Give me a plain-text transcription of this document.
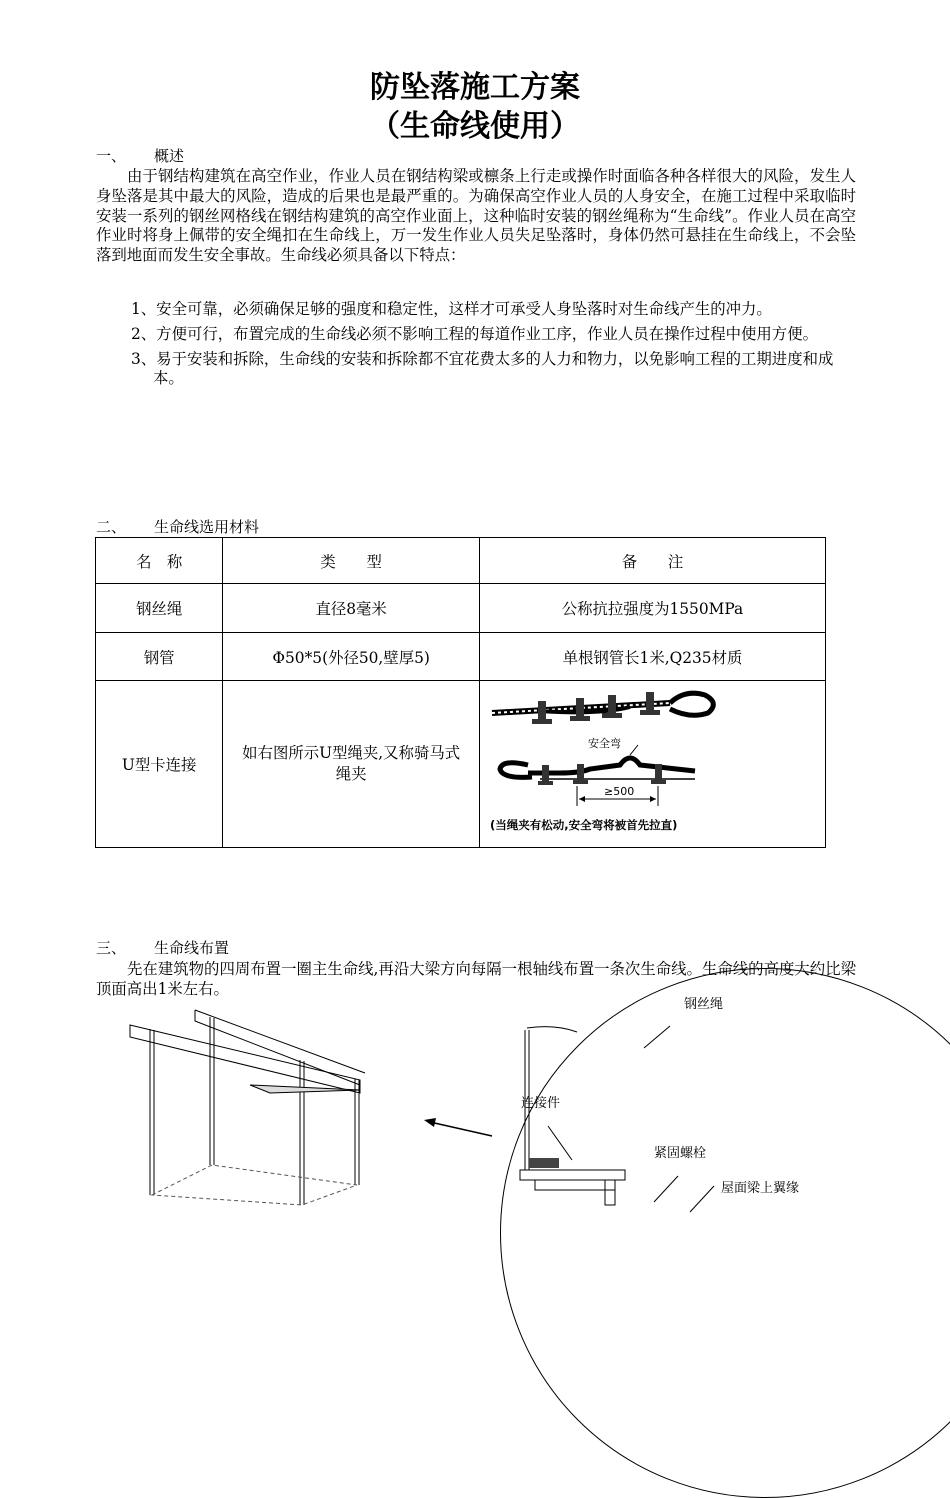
防坠落施工方案
（生命线使用）
一、 概述
由于钢结构建筑在高空作业，作业人员在钢结构梁或檩条上行走或操作时面临各种各样很大的风险，发生人身坠落是其中最大的风险，造成的后果也是最严重的。为确保高空作业人员的人身安全，在施工过程中采取临时安装一系列的钢丝网格线在钢结构建筑的高空作业面上，这种临时安装的钢丝绳称为“生命线”。作业人员在高空作业时将身上佩带的安全绳扣在生命线上，万一发生作业人员失足坠落时，身体仍然可悬挂在生命线上，不会坠落到地面而发生安全事故。生命线必须具备以下特点：
1、安全可靠，必须确保足够的强度和稳定性，这样才可承受人身坠落时对生命线产生的冲力。
2、方便可行，布置完成的生命线必须不影响工程的每道作业工序，作业人员在操作过程中使用方便。
3、易于安装和拆除，生命线的安装和拆除都不宜花费太多的人力和物力，以免影响工程的工期进度和成本。
二、 生命线选用材料
名　称	类　　型	备　　注
钢丝绳	直径8毫米	公称抗拉强度为1550MPa
钢管	Φ50*5(外径50,壁厚5)	单根钢管长1米,Q235材质
U型卡连接	如右图所示U型绳夹,又称骑马式绳夹	安全弯
≥500
(当绳夹有松动,安全弯将被首先拉直)
三、 生命线布置
先在建筑物的四周布置一圈主生命线,再沿大梁方向每隔一根轴线布置一条次生命线。生命线的高度大约比梁顶面高出1米左右。
钢丝绳
连接件
紧固螺栓
屋面梁上翼缘
